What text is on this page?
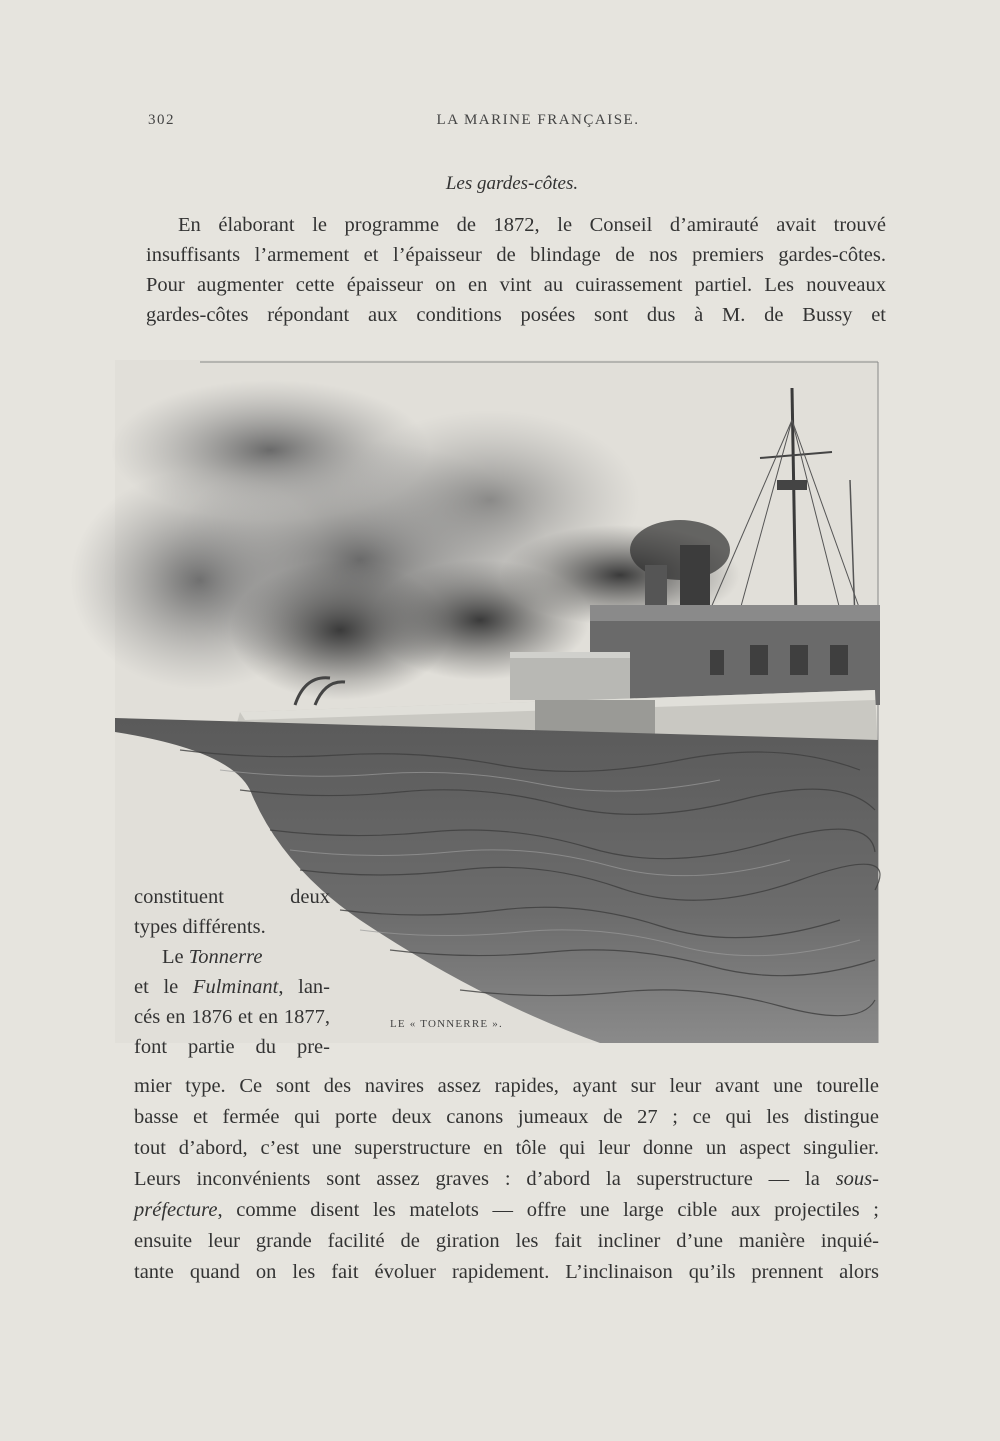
302	LA MARINE FRANÇAISE.
Les gardes-côtes.
En élaborant le programme de 1872, le Conseil d’amirauté avait trouvé
insuffisants l’armement et l’épaisseur de blindage de nos premiers gardes-côtes.
Pour augmenter cette épaisseur on en vint au cuirassement partiel. Les nouveaux
gardes-côtes répondant aux conditions posées sont dus à M. de Bussy et
LE « TONNERRE ».
constituent deux
types différents.
Le Tonnerre
et le Fulminant, lan-
cés en 1876 et en 1877,
font partie du pre-
mier type. Ce sont des navires assez rapides, ayant sur leur avant une tourelle
basse et fermée qui porte deux canons jumeaux de 27 ; ce qui les distingue
tout d’abord, c’est une superstructure en tôle qui leur donne un aspect singulier.
Leurs inconvénients sont assez graves : d’abord la superstructure — la sous-
préfecture, comme disent les matelots — offre une large cible aux projectiles ;
ensuite leur grande facilité de giration les fait incliner d’une manière inquié-
tante quand on les fait évoluer rapidement. L’inclinaison qu’ils prennent alors
